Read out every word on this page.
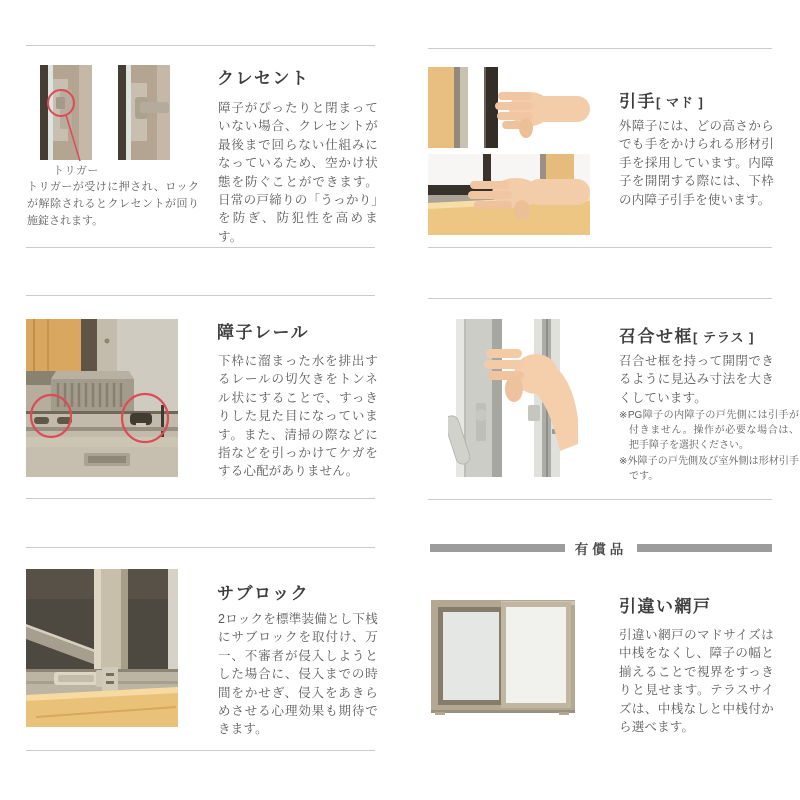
トリガー

トリガーが受けに押され、ロックが解除されるとクレセントが回り施錠されます。

クレセント

障子がぴったりと閉まっていない場合、クレセントが最後まで回らない仕組みになっているため、空かけ状態を防ぐことができます。日常の戸締りの「うっかり」を防ぎ、防犯性を高めます。

引手[ マド ]

外障子には、どの高さからでも手をかけられる形材引手を採用しています。内障子を開閉する際には、下枠の内障子引手を使います。

障子レール

下枠に溜まった水を排出するレールの切欠きをトンネル状にすることで、すっきりした見た目になっています。また、清掃の際などに指などを引っかけてケガをする心配がありません。

召合せ框[ テラス ]

召合せ框を持って開閉できるように見込み寸法を大きくしています。

※PG障子の内障子の戸先側には引手が付きません。操作が必要な場合は、把手障子を選択ください。

※外障子の戸先側及び室外側は形材引手です。

サブロック

2ロックを標準装備とし下桟にサブロックを取付け、万一、不審者が侵入しようとした場合に、侵入までの時間をかせぎ、侵入をあきらめさせる心理効果も期待できます。

有償品

引違い網戸

引違い網戸のマドサイズは中桟をなくし、障子の幅と揃えることで視界をすっきりと見せます。テラスサイズは、中桟なしと中桟付から選べます。
